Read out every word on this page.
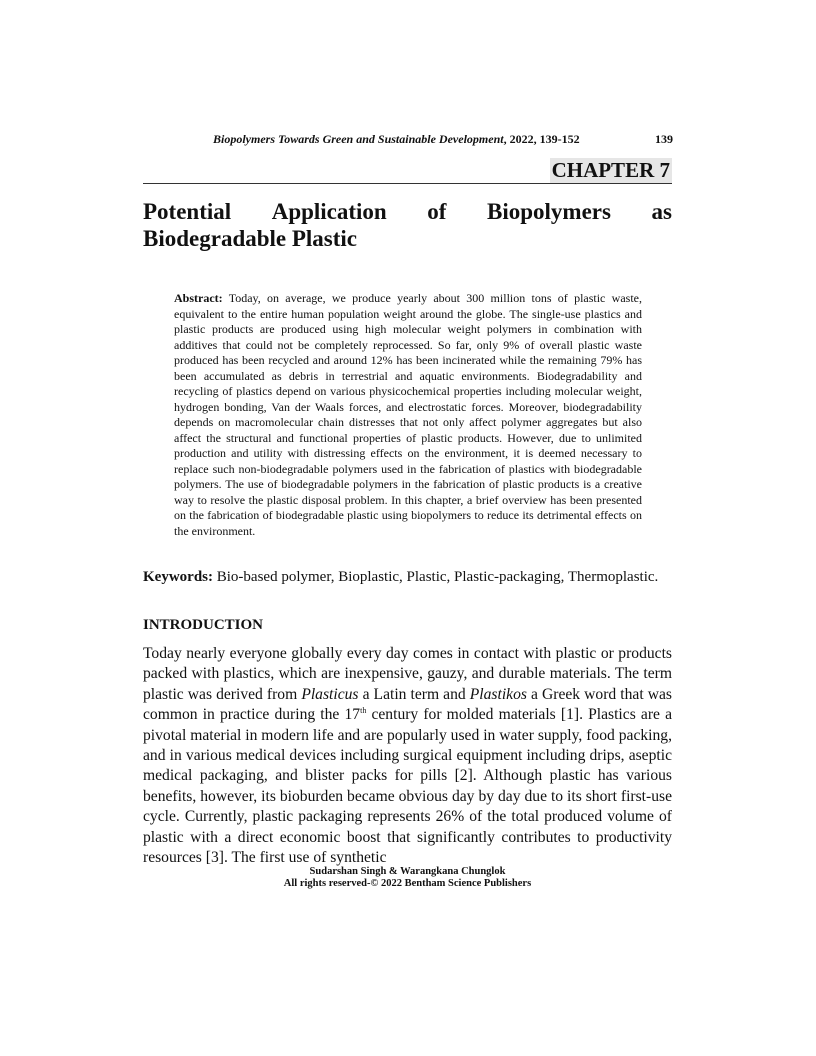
Biopolymers Towards Green and Sustainable Development, 2022, 139-152	139
CHAPTER 7
Potential Application of Biopolymers as
Biodegradable Plastic
Abstract: Today, on average, we produce yearly about 300 million tons of plastic waste, equivalent to the entire human population weight around the globe. The single-use plastics and plastic products are produced using high molecular weight polymers in combination with additives that could not be completely reprocessed. So far, only 9% of overall plastic waste produced has been recycled and around 12% has been incinerated while the remaining 79% has been accumulated as debris in terrestrial and aquatic environments. Biodegradability and recycling of plastics depend on various physicochemical properties including molecular weight, hydrogen bonding, Van der Waals forces, and electrostatic forces. Moreover, biodegradability depends on macromolecular chain distresses that not only affect polymer aggregates but also affect the structural and functional properties of plastic products. However, due to unlimited production and utility with distressing effects on the environment, it is deemed necessary to replace such non-biodegradable polymers used in the fabrication of plastics with biodegradable polymers. The use of biodegradable polymers in the fabrication of plastic products is a creative way to resolve the plastic disposal problem. In this chapter, a brief overview has been presented on the fabrication of biodegradable plastic using biopolymers to reduce its detrimental effects on the environment.
Keywords: Bio-based polymer, Bioplastic, Plastic, Plastic-packaging, Thermoplastic.
INTRODUCTION
Today nearly everyone globally every day comes in contact with plastic or products packed with plastics, which are inexpensive, gauzy, and durable materials. The term plastic was derived from Plasticus a Latin term and Plastikos a Greek word that was common in practice during the 17th century for molded materials [1]. Plastics are a pivotal material in modern life and are popularly used in water supply, food packing, and in various medical devices including surgical equipment including drips, aseptic medical packaging, and blister packs for pills [2]. Although plastic has various benefits, however, its bioburden became obvious day by day due to its short first-use cycle. Currently, plastic packaging represents 26% of the total produced volume of plastic with a direct economic boost that significantly contributes to productivity resources [3]. The first use of synthetic
Sudarshan Singh & Warangkana Chunglok
All rights reserved-© 2022 Bentham Science Publishers
